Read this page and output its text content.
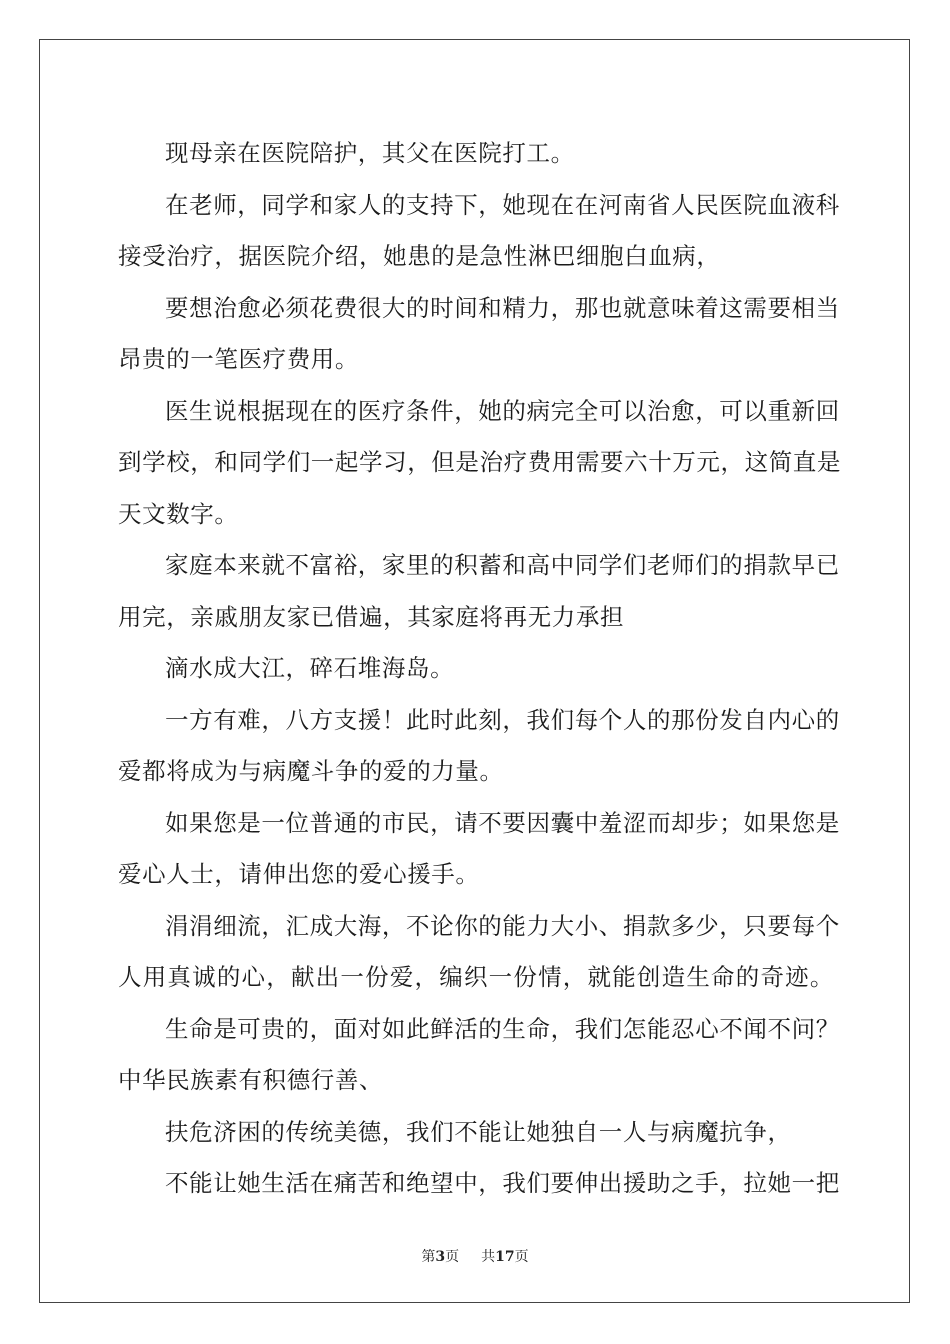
现母亲在医院陪护，其父在医院打工。
在老师，同学和家人的支持下，她现在在河南省人民医院血液科
接受治疗，据医院介绍，她患的是急性淋巴细胞白血病，
要想治愈必须花费很大的时间和精力，那也就意味着这需要相当
昂贵的一笔医疗费用。
医生说根据现在的医疗条件，她的病完全可以治愈，可以重新回
到学校，和同学们一起学习，但是治疗费用需要六十万元，这简直是
天文数字。
家庭本来就不富裕，家里的积蓄和高中同学们老师们的捐款早已
用完，亲戚朋友家已借遍，其家庭将再无力承担
滴水成大江，碎石堆海岛。
一方有难，八方支援！此时此刻，我们每个人的那份发自内心的
爱都将成为与病魔斗争的爱的力量。
如果您是一位普通的市民，请不要因囊中羞涩而却步；如果您是
爱心人士，请伸出您的爱心援手。
涓涓细流，汇成大海，不论你的能力大小、捐款多少，只要每个
人用真诚的心，献出一份爱，编织一份情，就能创造生命的奇迹。
生命是可贵的，面对如此鲜活的生命，我们怎能忍心不闻不问？
中华民族素有积德行善、
扶危济困的传统美德，我们不能让她独自一人与病魔抗争，
不能让她生活在痛苦和绝望中，我们要伸出援助之手，拉她一把
第3页 共17页
